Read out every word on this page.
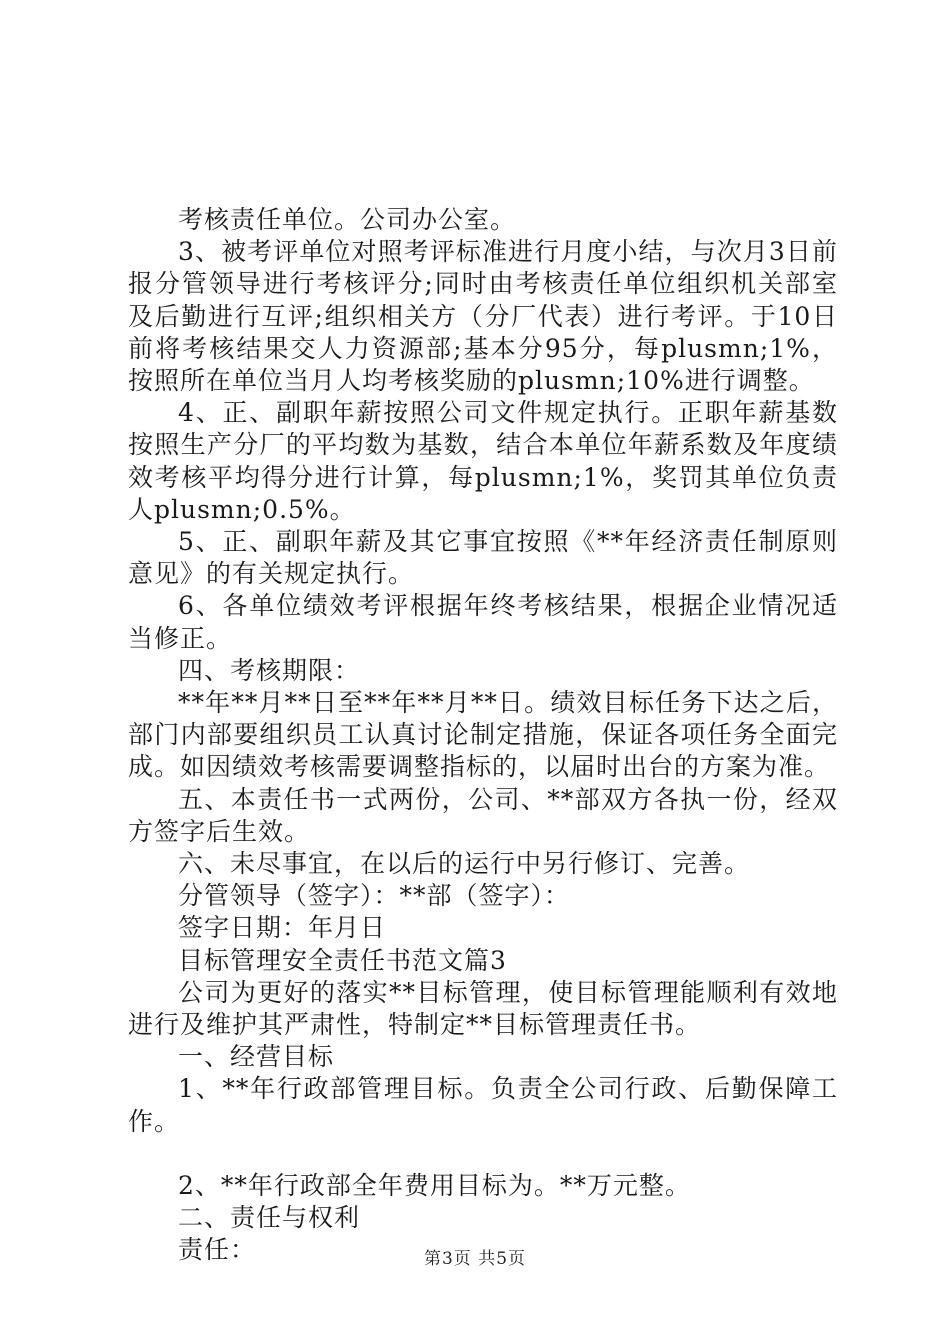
考核责任单位。公司办公室。

3、被考评单位对照考评标准进行月度小结，与次月3日前报分管领导进行考核评分;同时由考核责任单位组织机关部室及后勤进行互评;组织相关方（分厂代表）进行考评。于10日前将考核结果交人力资源部;基本分95分，每plusmn;1%，按照所在单位当月人均考核奖励的plusmn;10%进行调整。

4、正、副职年薪按照公司文件规定执行。正职年薪基数按照生产分厂的平均数为基数，结合本单位年薪系数及年度绩效考核平均得分进行计算，每plusmn;1%，奖罚其单位负责人plusmn;0.5%。

5、正、副职年薪及其它事宜按照《**年经济责任制原则意见》的有关规定执行。

6、各单位绩效考评根据年终考核结果，根据企业情况适当修正。

四、考核期限：

**年**月**日至**年**月**日。绩效目标任务下达之后，部门内部要组织员工认真讨论制定措施，保证各项任务全面完成。如因绩效考核需要调整指标的，以届时出台的方案为准。

五、本责任书一式两份，公司、**部双方各执一份，经双方签字后生效。

六、未尽事宜，在以后的运行中另行修订、完善。

分管领导（签字）：**部（签字）：

签字日期：年月日

目标管理安全责任书范文篇3

公司为更好的落实**目标管理，使目标管理能顺利有效地进行及维护其严肃性，特制定**目标管理责任书。

一、经营目标

1、**年行政部管理目标。负责全公司行政、后勤保障工作。

2、**年行政部全年费用目标为。**万元整。

二、责任与权利

责任：	第3页 共5页
